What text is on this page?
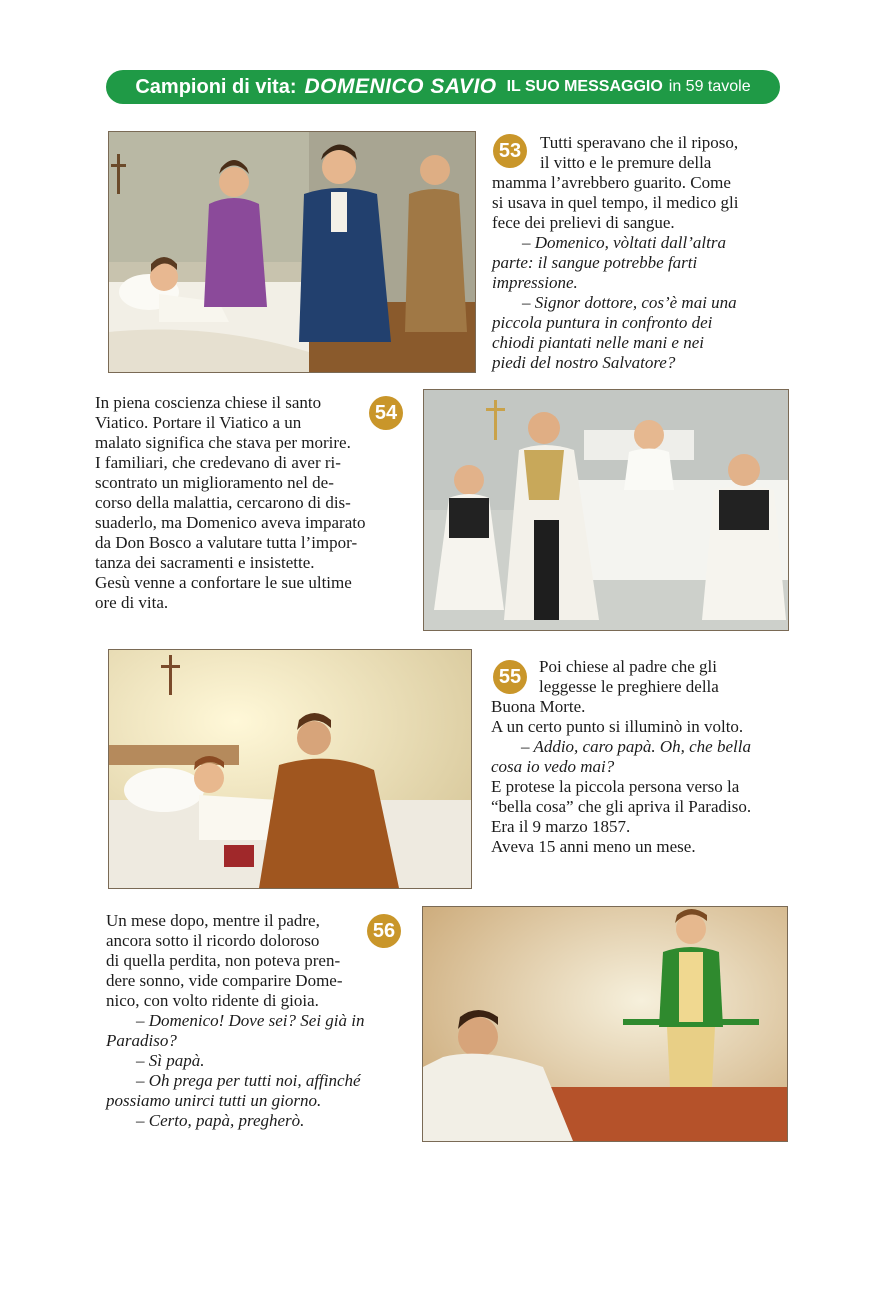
Campioni di vita: DOMENICO SAVIO IL SUO MESSAGGIO in 59 tavole
53	Tutti speravano che il riposo,

il vitto e le premure della

mamma l’avrebbero guarito. Come

si usava in quel tempo, il medico gli

fece dei prelievi di sangue.

– Domenico, vòltati dall’altra

parte: il sangue potrebbe farti

impressione.

– Signor dottore, cos’è mai una

piccola puntura in confronto dei

chiodi piantati nelle mani e nei

piedi del nostro Salvatore?

54

In piena coscienza chiese il santo

Viatico. Portare il Viatico a un

malato significa che stava per morire.

I familiari, che credevano di aver ri-

scontrato un miglioramento nel de-

corso della malattia, cercarono di dis-

suaderlo, ma Domenico aveva imparato

da Don Bosco a valutare tutta l’impor-

tanza dei sacramenti e insistette.

Gesù venne a confortare le sue ultime

ore di vita.

55	Poi chiese al padre che gli

leggesse le preghiere della

Buona Morte.

A un certo punto si illuminò in volto.

– Addio, caro papà. Oh, che bella

cosa io vedo mai?

E protese la piccola persona verso la

“bella cosa” che gli apriva il Paradiso.

Era il 9 marzo 1857.

Aveva 15 anni meno un mese.

56

Un mese dopo, mentre il padre,

ancora sotto il ricordo doloroso

di quella perdita, non poteva pren-

dere sonno, vide comparire Dome-

nico, con volto ridente di gioia.

– Domenico! Dove sei? Sei già in

Paradiso?

– Sì papà.

– Oh prega per tutti noi, affinché

possiamo unirci tutti un giorno.

– Certo, papà, pregherò.
